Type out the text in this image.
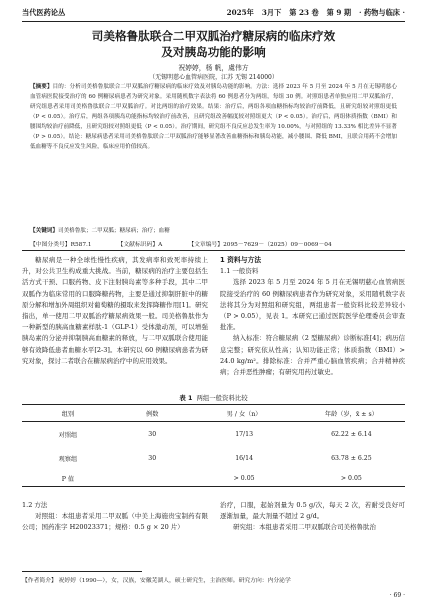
当代医药论丛	2025年 3月下 第 23 卷 第 9 期 · 药物与临床 ·
司美格鲁肽联合二甲双胍治疗糖尿病的临床疗效
及对胰岛功能的影响
祝婷婷，杨 帆，虞伟方
（无锡明慈心血管病医院，江苏 无锡 214000）
【摘要】目的：分析司美格鲁肽联合二甲双胍治疗糖尿病的临床疗效及对胰岛功能的影响。方法：选择 2023 年 5 月至 2024 年 5 月在无锡明慈心血管病医院接受治疗的 60 例糖尿病患者为研究对象。采用随机数字表法将 60 例患者分为两组，每组 30 例。对照组患者单独应用二甲双胍治疗，研究组患者采用司美格鲁肽联合二甲双胍治疗。对比两组的治疗效果。结果：治疗后，两组各项血糖指标均较治疗前降低，且研究组较对照组更低（P < 0.05）。治疗后，两组各项胰岛功能指标均较治疗前改善，且研究组改善幅度较对照组更大（P < 0.05）。治疗后，两组体质指数（BMI）和腰围均较治疗前降低，且研究组较对照组更低（P < 0.05）。治疗期间，研究组不良反应总发生率为 10.00%，与对照组的 13.33% 相比差异不显著（P > 0.05）。结论：糖尿病患者采用司美格鲁肽联合二甲双胍治疗能够显著改善血糖指标和胰岛功能，减小腰围、降低 BMI，且联合用药不会增加低血糖等不良反应发生风险，临床应用价值较高。
【关键词】司美格鲁肽；二甲双胍；糖尿病；治疗；血糖
【中图分类号】R587.1	【文献标识码】A	【文章编号】2095－7629－（2025）09－0069－04

糖尿病是一种全球性慢性疾病，其发病率和致死率持续上升，对公共卫生构成重大挑战。当前，糖尿病的治疗主要包括生活方式干预、口服药物、皮下注射胰岛素等多种手段，其中二甲双胍作为临床常用的口服降糖药物，主要是通过抑制肝脏中的糖原分解和增加外周组织对葡萄糖的摄取来发挥降糖作用[1]。研究指出，单一使用二甲双胍治疗糖尿病效果一般。司美格鲁肽作为一种新型的胰高血糖素样肽-1（GLP-1）受体激动剂，可以增强胰岛素的分泌并抑制胰高血糖素的释放，与二甲双胍联合使用能够有效降低患者血糖水平[2-3]。本研究以 60 例糖尿病患者为研究对象，探讨二者联合在糖尿病治疗中的应用效果。

1 资料与方法
1.1 一般资料

选择 2023 年 5 月至 2024 年 5 月在无锡明慈心血管病医院接受治疗的 60 例糖尿病患者作为研究对象，采用随机数字表法将其分为对照组和研究组，两组患者一般资料比较差异较小（P > 0.05），见表 1。本研究已通过医院医学伦理委员会审查批准。

纳入标准：符合糖尿病（2 型糖尿病）诊断标准[4]；病历信息完整；研究依从性高；认知功能正常；体质指数（BMI）> 24.0 kg/m²。排除标准：合并严重心脑血管疾病；合并精神疾病；合并恶性肿瘤；有研究用药过敏史。

表 1 两组一般资料比较
组别	例数	男 / 女（n）	年龄（岁，x̄ ± s）
对照组	30	17/13	62.22 ± 6.14
观察组	30	16/14	63.78 ± 6.25
P 值		> 0.05	> 0.05
1.2 方法

对照组：本组患者采用二甲双胍（中美上海施贵宝制药有限公司；国药准字 H20023371；规格：0.5 g × 20 片）

治疗，口服，起始剂量为 0.5 g/次，每天 2 次，若耐受良好可逐渐加量，最大剂量不超过 2 g/d。

研究组：本组患者采用二甲双胍联合司美格鲁肽治

【作者简介】 祝婷婷（1990—），女，汉族，安徽芜湖人，硕士研究生，主治医师。研究方向：内分泌学
· 69 ·
